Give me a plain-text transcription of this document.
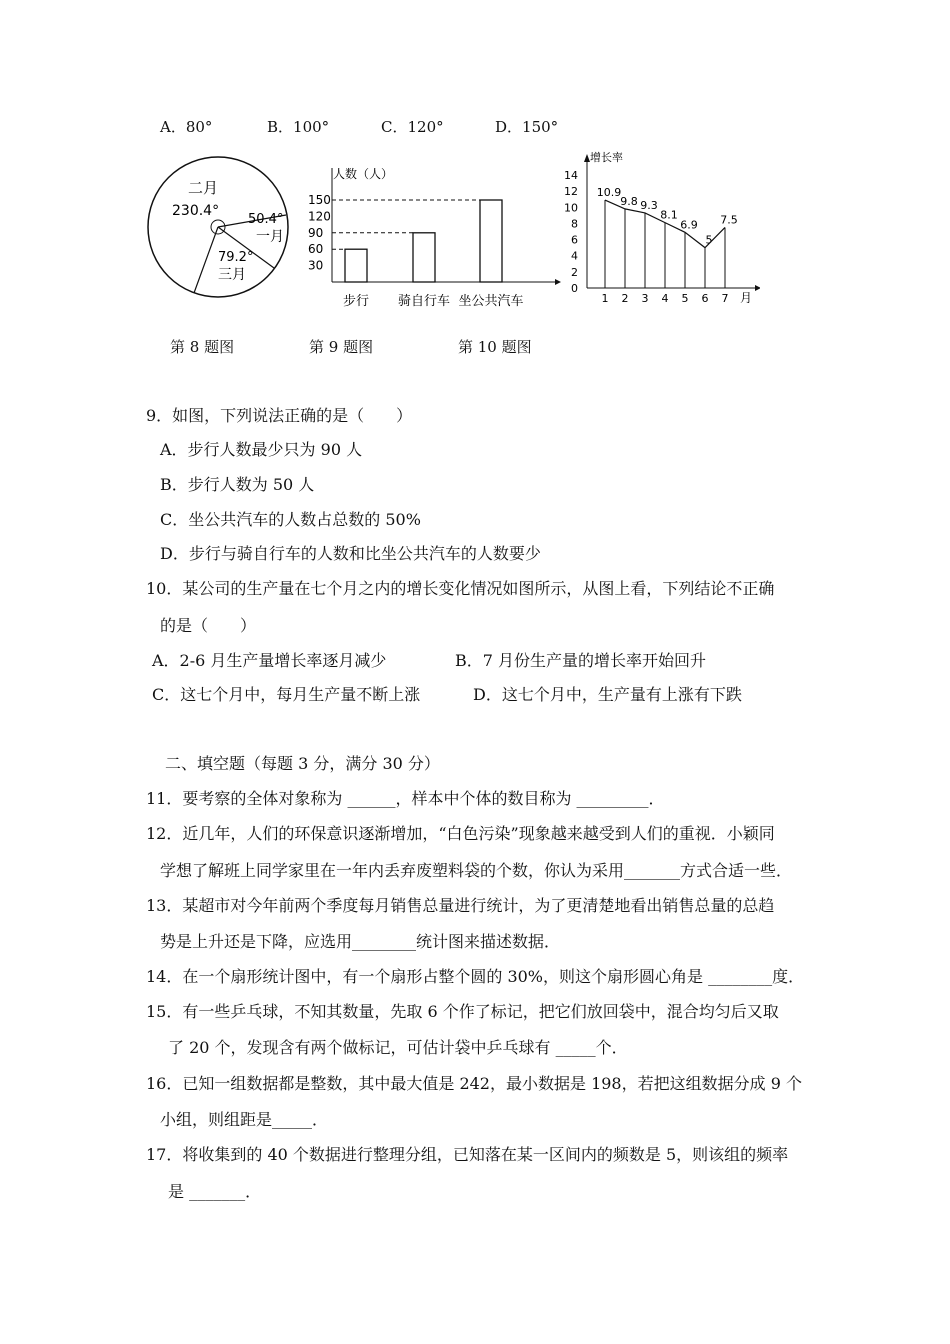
A．80°	B．100°	C．120°	D．150°
二月
230.4°
50.4°
一月
79.2°
三月
人数（人）
30
60
90
120
150
步行 骑自行车 坐公共汽车
增长率
月
0
2
4
6
8
10
12
14
1
10.9
2
9.8
3
9.3
4
8.1
5
6.9
6
5
7
7.5
第 8 题图	第 9 题图	第 10 题图
9．如图，下列说法正确的是（　　）
A．步行人数最少只为 90 人
B．步行人数为 50 人
C．坐公共汽车的人数占总数的 50%
D．步行与骑自行车的人数和比坐公共汽车的人数要少
10．某公司的生产量在七个月之内的增长变化情况如图所示，从图上看，下列结论不正确
的是（　　）
A．2-6 月生产量增长率逐月减少	B．7 月份生产量的增长率开始回升
C．这七个月中，每月生产量不断上涨	D．这七个月中，生产量有上涨有下跌
二、填空题（每题 3 分，满分 30 分）
11．要考察的全体对象称为 ______，样本中个体的数目称为 _________．
12．近几年，人们的环保意识逐渐增加，“白色污染”现象越来越受到人们的重视．小颖同
学想了解班上同学家里在一年内丢弃废塑料袋的个数，你认为采用_______方式合适一些．
13．某超市对今年前两个季度每月销售总量进行统计，为了更清楚地看出销售总量的总趋
势是上升还是下降，应选用________统计图来描述数据．
14．在一个扇形统计图中，有一个扇形占整个圆的 30%，则这个扇形圆心角是 ________度．
15．有一些乒乓球，不知其数量，先取 6 个作了标记，把它们放回袋中，混合均匀后又取
了 20 个，发现含有两个做标记，可估计袋中乒乓球有 _____个．
16．已知一组数据都是整数，其中最大值是 242，最小数据是 198，若把这组数据分成 9 个
小组，则组距是_____．
17．将收集到的 40 个数据进行整理分组，已知落在某一区间内的频数是 5，则该组的频率
是 _______．
